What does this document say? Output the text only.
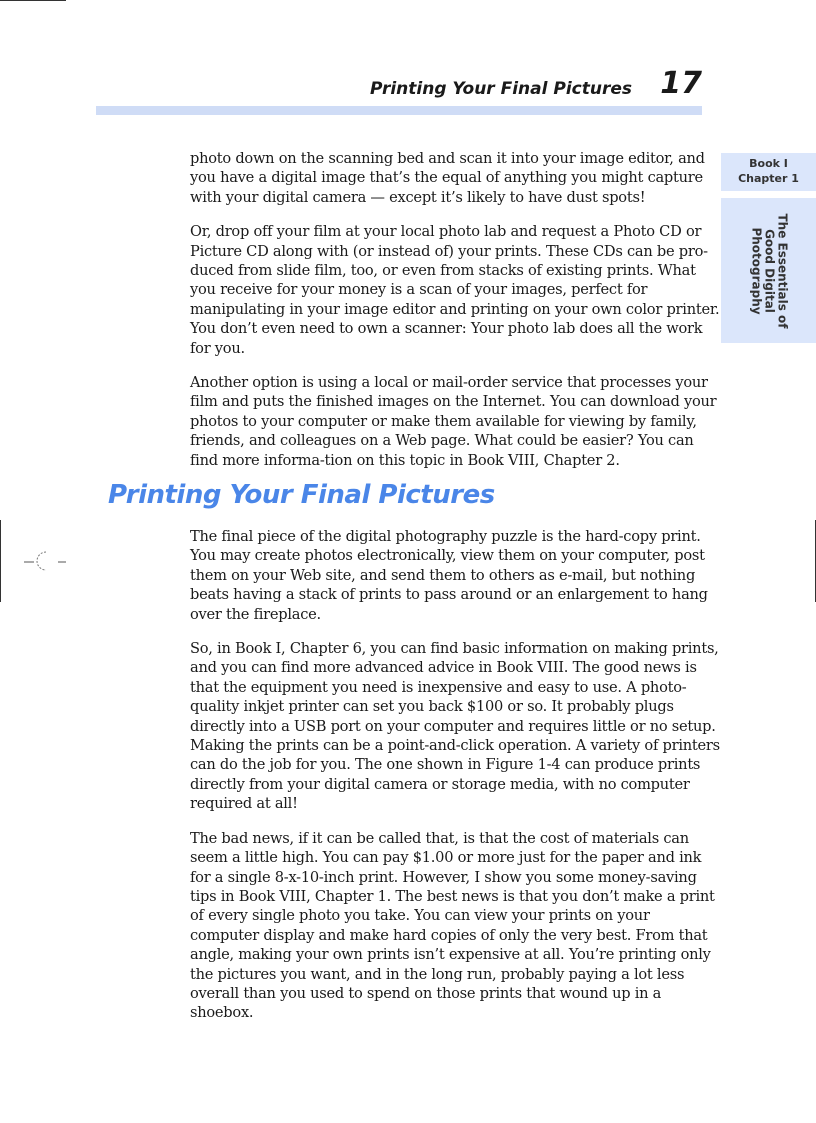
Printing Your Final Pictures 17
Book I
Chapter 1
The Essentials of
Good Digital
Photography

photo down on the scanning bed and scan it into your image editor, and you have a digital image that’s the equal of anything you might capture with your digital camera — except it’s likely to have dust spots!

Or, drop off your film at your local photo lab and request a Photo CD or Picture CD along with (or instead of) your prints. These CDs can be pro-duced from slide film, too, or even from stacks of existing prints. What you receive for your money is a scan of your images, perfect for manipulating in your image editor and printing on your own color printer. You don’t even need to own a scanner: Your photo lab does all the work for you.

Another option is using a local or mail-order service that processes your film and puts the finished images on the Internet. You can download your photos to your computer or make them available for viewing by family, friends, and colleagues on a Web page. What could be easier? You can find more informa-tion on this topic in Book VIII, Chapter 2.

Printing Your Final Pictures

The final piece of the digital photography puzzle is the hard-copy print. You may create photos electronically, view them on your computer, post them on your Web site, and send them to others as e-mail, but nothing beats having a stack of prints to pass around or an enlargement to hang over the fireplace.

So, in Book I, Chapter 6, you can find basic information on making prints, and you can find more advanced advice in Book VIII. The good news is that the equipment you need is inexpensive and easy to use. A photo-quality inkjet printer can set you back $100 or so. It probably plugs directly into a USB port on your computer and requires little or no setup. Making the prints can be a point-and-click operation. A variety of printers can do the job for you. The one shown in Figure 1-4 can produce prints directly from your digital camera or storage media, with no computer required at all!

The bad news, if it can be called that, is that the cost of materials can seem a little high. You can pay $1.00 or more just for the paper and ink for a single 8-x-10-inch print. However, I show you some money-saving tips in Book VIII, Chapter 1. The best news is that you don’t make a print of every single photo you take. You can view your prints on your computer display and make hard copies of only the very best. From that angle, making your own prints isn’t expensive at all. You’re printing only the pictures you want, and in the long run, probably paying a lot less overall than you used to spend on those prints that wound up in a shoebox.
